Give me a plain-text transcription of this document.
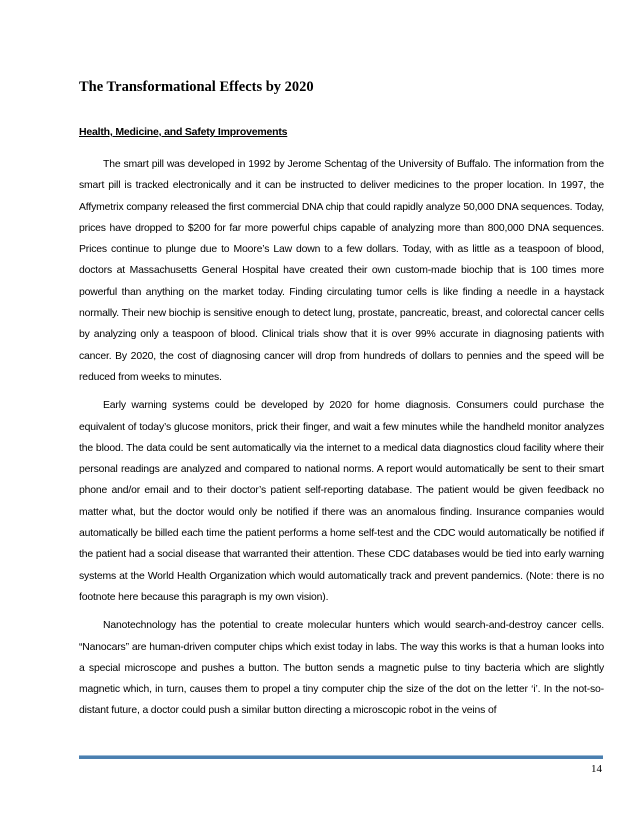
The Transformational Effects by 2020
Health, Medicine, and Safety Improvements

The smart pill was developed in 1992 by Jerome Schentag of the University of Buffalo. The information from the smart pill is tracked electronically and it can be instructed to deliver medicines to the proper location. In 1997, the Affymetrix company released the first commercial DNA chip that could rapidly analyze 50,000 DNA sequences. Today, prices have dropped to $200 for far more powerful chips capable of analyzing more than 800,000 DNA sequences. Prices continue to plunge due to Moore’s Law down to a few dollars. Today, with as little as a teaspoon of blood, doctors at Massachusetts General Hospital have created their own custom-made biochip that is 100 times more powerful than anything on the market today. Finding circulating tumor cells is like finding a needle in a haystack normally. Their new biochip is sensitive enough to detect lung, prostate, pancreatic, breast, and colorectal cancer cells by analyzing only a teaspoon of blood. Clinical trials show that it is over 99% accurate in diagnosing patients with cancer. By 2020, the cost of diagnosing cancer will drop from hundreds of dollars to pennies and the speed will be reduced from weeks to minutes.

Early warning systems could be developed by 2020 for home diagnosis. Consumers could purchase the equivalent of today’s glucose monitors, prick their finger, and wait a few minutes while the handheld monitor analyzes the blood. The data could be sent automatically via the internet to a medical data diagnostics cloud facility where their personal readings are analyzed and compared to national norms. A report would automatically be sent to their smart phone and/or email and to their doctor’s patient self-reporting database. The patient would be given feedback no matter what, but the doctor would only be notified if there was an anomalous finding. Insurance companies would automatically be billed each time the patient performs a home self-test and the CDC would automatically be notified if the patient had a social disease that warranted their attention. These CDC databases would be tied into early warning systems at the World Health Organization which would automatically track and prevent pandemics. (Note: there is no footnote here because this paragraph is my own vision).

Nanotechnology has the potential to create molecular hunters which would search-and-destroy cancer cells. “Nanocars” are human-driven computer chips which exist today in labs. The way this works is that a human looks into a special microscope and pushes a button. The button sends a magnetic pulse to tiny bacteria which are slightly magnetic which, in turn, causes them to propel a tiny computer chip the size of the dot on the letter ‘i’. In the not-so-distant future, a doctor could push a similar button directing a microscopic robot in the veins of

14
